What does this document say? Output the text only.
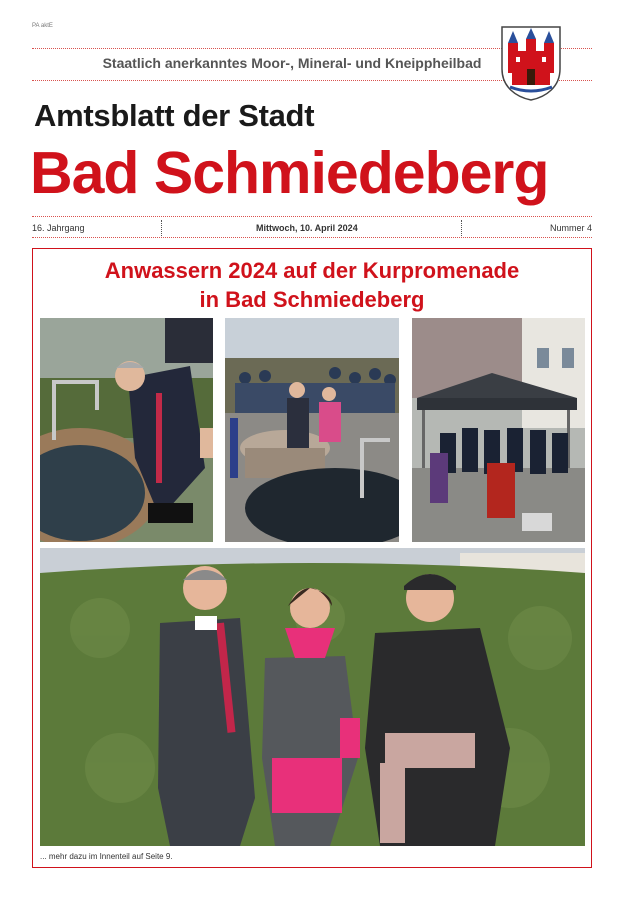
PA aktE
Staatlich anerkanntes Moor-, Mineral- und Kneippheilbad
Amtsblatt der Stadt
Bad Schmiedeberg
16. Jahrgang	Mittwoch, 10. April 2024	Nummer 4
Anwassern 2024 auf der Kurpromenade
in Bad Schmiedeberg
... mehr dazu im Innenteil auf Seite 9.
